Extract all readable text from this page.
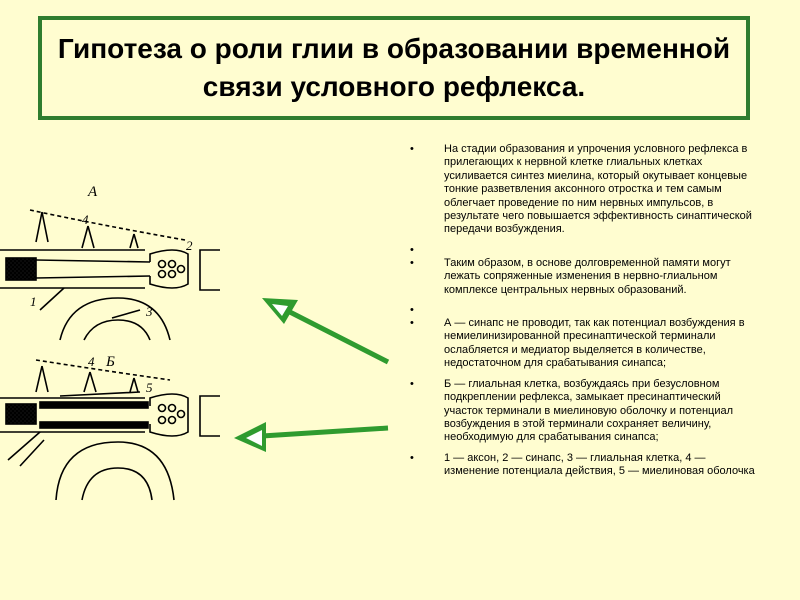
Гипотеза о роли глии в образовании временной связи условного рефлекса.
• На стадии образования и упрочения условного рефлекса в прилегающих к нервной клетке глиальных клетках усиливается синтез миелина, который окутывает концевые тонкие разветвления аксонного отростка и тем самым облегчает проведение по ним нервных импульсов, в результате чего повышается эффективность синаптической передачи возбуждения.
•
• Таким образом, в основе долговременной памяти могут лежать сопряженные изменения в нервно-глиальном комплексе центральных нервных образований.
•
• А — синапс не проводит, так как потенциал возбуждения в немиелинизированной пресинаптической терминали ослабляется и медиатор выделяется в количестве, недостаточном для срабатывания синапса;
• Б — глиальная клетка, возбуждаясь при безусловном подкреплении рефлекса, замыкает пресинаптический участок терминали в миелиновую оболочку и потенциал возбуждения в этой терминали сохраняет величину, необходимую для срабатывания синапса;
• 1 — аксон, 2 — синапс, 3 — глиальная клетка, 4 — изменение потенциала действия, 5 — миелиновая оболочка
А
4
2
1
3
Б
4
5
